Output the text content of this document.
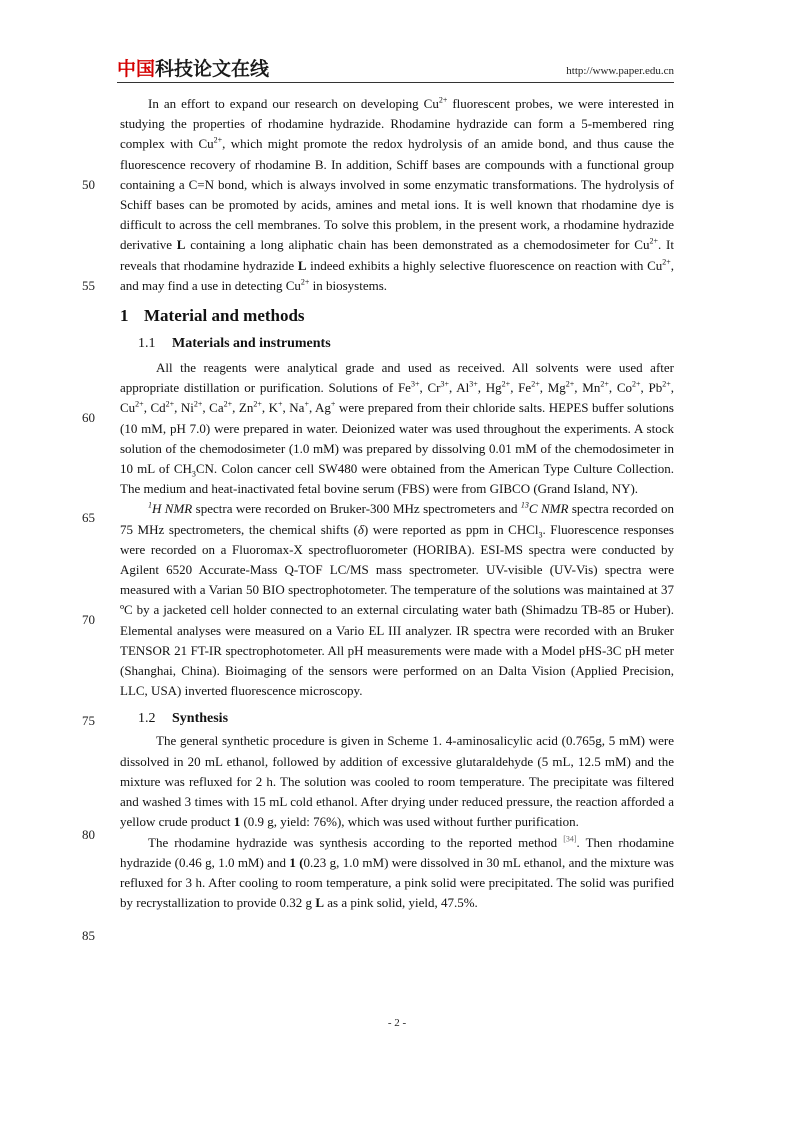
中国科技论文在线	http://www.paper.edu.cn
50
55
60
65
70
75
80
85

In an effort to expand our research on developing $Cu^{2+}$ fluorescent probes, we were interested in studying the properties of rhodamine hydrazide. Rhodamine hydrazide can form a 5-membered ring complex with $Cu^{2+}$, which might promote the redox hydrolysis of an amide bond, and thus cause the fluorescence recovery of rhodamine B. In addition, Schiff bases are compounds with a functional group containing a C=N bond, which is always involved in some enzymatic transformations. The hydrolysis of Schiff bases can be promoted by acids, amines and metal ions. It is well known that rhodamine dye is difficult to across the cell membranes. To solve this problem, in the present work, a rhodamine hydrazide derivative L containing a long aliphatic chain has been demonstrated as a chemodosimeter for $Cu^{2+}$. It reveals that rhodamine hydrazide L indeed exhibits a highly selective fluorescence on reaction with $Cu^{2+}$, and may find a use in detecting $Cu^{2+}$ in biosystems.

1 Material and methods
1.1 Materials and instruments

All the reagents were analytical grade and used as received. All solvents were used after appropriate distillation or purification. Solutions of $Fe^{3+}$, $Cr^{3+}$, $Al^{3+}$, $Hg^{2+}$, $Fe^{2+}$, $Mg^{2+}$, $Mn^{2+}$, $Co^{2+}$, $Pb^{2+}$, $Cu^{2+}$, $Cd^{2+}$, $Ni^{2+}$, $Ca^{2+}$, $Zn^{2+}$, K+, Na+, Ag+ were prepared from their chloride salts. HEPES buffer solutions (10 mM, pH 7.0) were prepared in water. Deionized water was used throughout the experiments. A stock solution of the chemodosimeter (1.0 mM) was prepared by dissolving 0.01 mM of the chemodosimeter in 10 mL of $CH_3CN$. Colon cancer cell SW480 were obtained from the American Type Culture Collection. The medium and heat-inactivated fetal bovine serum (FBS) were from GIBCO (Grand Island, NY).

$^1$H NMR spectra were recorded on Bruker-300 MHz spectrometers and $^{13}$C NMR spectra recorded on 75 MHz spectrometers, the chemical shifts (δ) were reported as ppm in CHCl$_3$. Fluorescence responses were recorded on a Fluoromax-X spectrofluorometer (HORIBA). ESI-MS spectra were conducted by Agilent 6520 Accurate-Mass Q-TOF LC/MS mass spectrometer. UV-visible (UV-Vis) spectra were measured with a Varian 50 BIO spectrophotometer. The temperature of the solutions was maintained at 37 ºC by a jacketed cell holder connected to an external circulating water bath (Shimadzu TB-85 or Huber). Elemental analyses were measured on a Vario EL III analyzer. IR spectra were recorded with an Bruker TENSOR 21 FT-IR spectrophotometer. All pH measurements were made with a Model pHS-3C pH meter (Shanghai, China). Bioimaging of the sensors were performed on an Dalta Vision (Applied Precision, LLC, USA) inverted fluorescence microscopy.

1.2 Synthesis

The general synthetic procedure is given in Scheme 1. 4-aminosalicylic acid (0.765g, 5 mM) were dissolved in 20 mL ethanol, followed by addition of excessive glutaraldehyde (5 mL, 12.5 mM) and the mixture was refluxed for 2 h. The solution was cooled to room temperature. The precipitate was filtered and washed 3 times with 15 mL cold ethanol. After drying under reduced pressure, the reaction afforded a yellow crude product 1 (0.9 g, yield: 76%), which was used without further purification.

The rhodamine hydrazide was synthesis according to the reported method [34]. Then rhodamine hydrazide (0.46 g, 1.0 mM) and 1 (0.23 g, 1.0 mM) were dissolved in 30 mL ethanol, and the mixture was refluxed for 3 h. After cooling to room temperature, a pink solid were precipitated. The solid was purified by recrystallization to provide 0.32 g L as a pink solid, yield, 47.5%.

- 2 -
